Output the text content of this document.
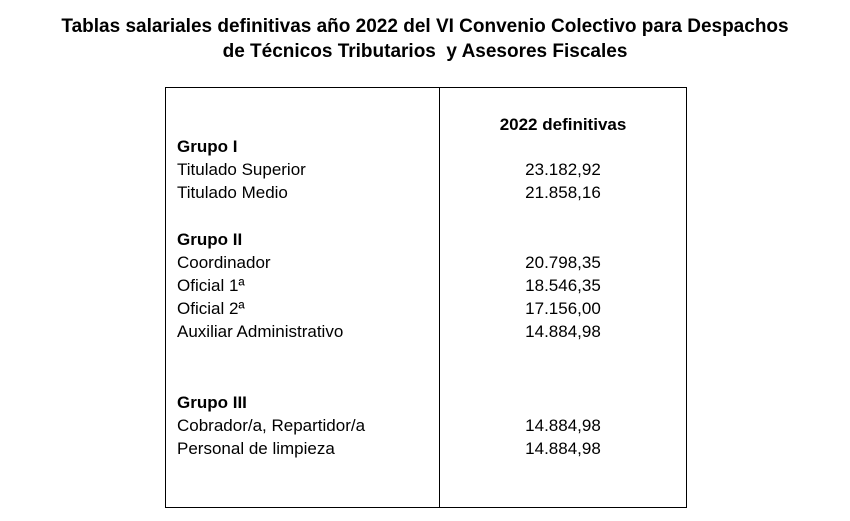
Tablas salariales definitivas año 2022 del VI Convenio Colectivo para Despachos
de Técnicos Tributarios  y Asesores Fiscales
2022 definitivas
Grupo I
Titulado Superior	23.182,92
Titulado Medio	21.858,16
Grupo II
Coordinador	20.798,35
Oficial 1ª	18.546,35
Oficial 2ª	17.156,00
Auxiliar Administrativo	14.884,98
Grupo III
Cobrador/a, Repartidor/a	14.884,98
Personal de limpieza	14.884,98
